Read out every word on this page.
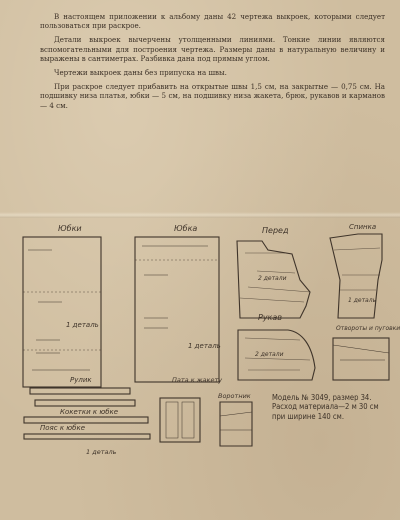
В настоящем приложении к альбому даны 42 чертежа выкроек, которыми следует пользоваться при раскрое.

Детали выкроек вычерчены утолщенными линиями. Тонкие линии являются вспомогательными для построения чертежа. Размеры даны в натуральную величину и выражены в сантиметрах. Разбивка дана под прямым углом.

Чертежи выкроек даны без припуска на швы.

При раскрое следует прибавить на открытые швы 1,5 см, на закрытые — 0,75 см. На подшивку низа платья, юбки — 5 см, на подшивку низа жакета, брюк, рукавов и карманов — 4 см.

Юбки
1 деталь
Юбка
1 деталь
Перед
2 детали
Спинка
1 деталь
Рукав
2 детали
Отвороты и пуговки
Рулик
Кокетки к юбке
Пояс к юбке
1 деталь
Пата к жакету
Воротник	Модель № 3049, размер 34.
Расход материала—2 м 30 см
при ширине 140 см.
